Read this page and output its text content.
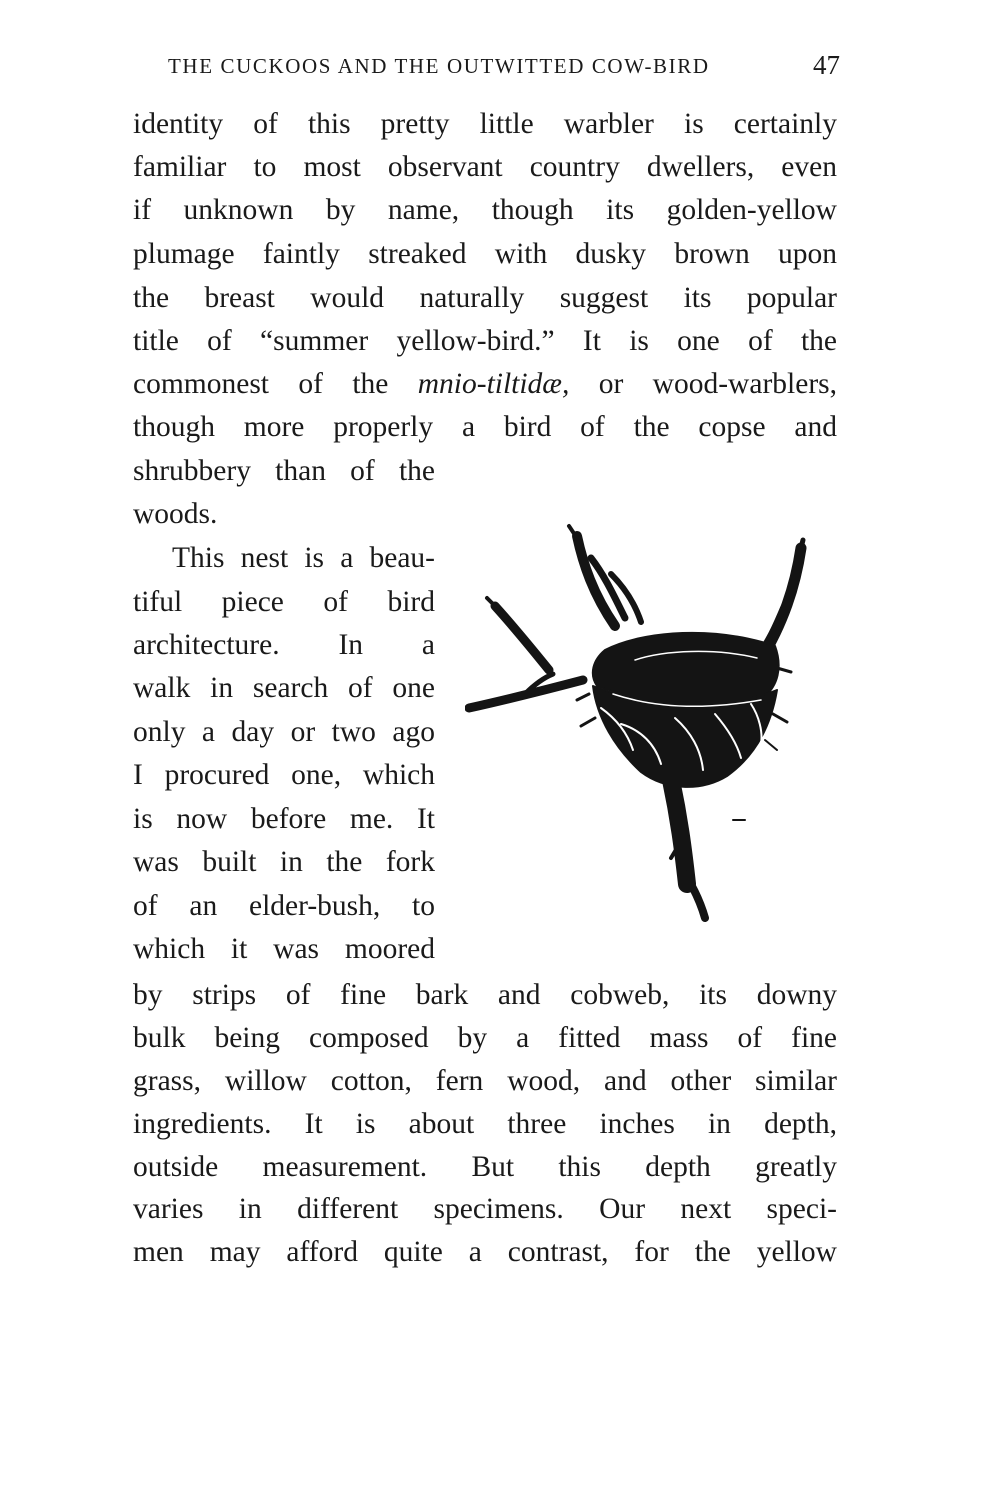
THE CUCKOOS AND THE OUTWITTED COW-BIRD	47
identity of this pretty little warbler is certainly
familiar to most observant country dwellers, even
if unknown by name, though its golden-yellow
plumage faintly streaked with dusky brown upon
the breast would naturally suggest its popular
title of “summer yellow-bird.” It is one of the
commonest of the mnio-tiltidæ, or wood-warblers,
though more properly a bird of the copse and
shrubbery than of the
woods.
This nest is a beau-
tiful piece of bird
architecture. In a
walk in search of one
only a day or two ago
I procured one, which
is now before me. It
was built in the fork
of an elder-bush, to
which it was moored
by strips of fine bark and cobweb, its downy
bulk being composed by a fitted mass of fine
grass, willow cotton, fern wood, and other similar
ingredients. It is about three inches in depth,
outside measurement. But this depth greatly
varies in different specimens. Our next speci-
men may afford quite a contrast, for the yellow
